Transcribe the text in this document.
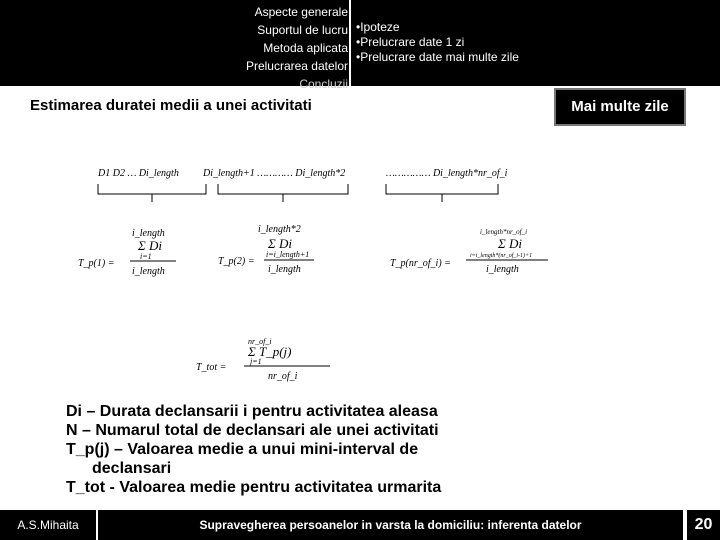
Aspecte generale
Suportul de lucru
Metoda aplicata
Prelucrarea datelor
Concluzii
•Ipoteze
•Prelucrare date 1 zi
•Prelucrare date mai multe zile
Estimarea duratei medii a unei activitati	Mai multe zile
D1 D2 … Di_length Di_length+1 ………… Di_length*2	…………… Di_length*nr_of_i
i_length
Σ Di
i=1
i_length
T_p(1) =
i_length*2
Σ Di
i=i_length+1
i_length
T_p(2) =
i_length*nr_of_i
Σ Di
i=i_length*(nr_of_i-1)+1
i_length
T_p(nr_of_i) =
nr_of_i
Σ T_p(j)
j=1
nr_of_i
T_tot =
Di – Durata declansarii i pentru activitatea aleasa
N – Numarul total de declansari ale unei activitati
T_p(j) – Valoarea medie a unui mini-interval de
declansari
T_tot - Valoarea medie pentru activitatea urmarita
A.S.Mihaita	Supravegherea persoanelor in varsta la domiciliu: inferenta datelor	20
